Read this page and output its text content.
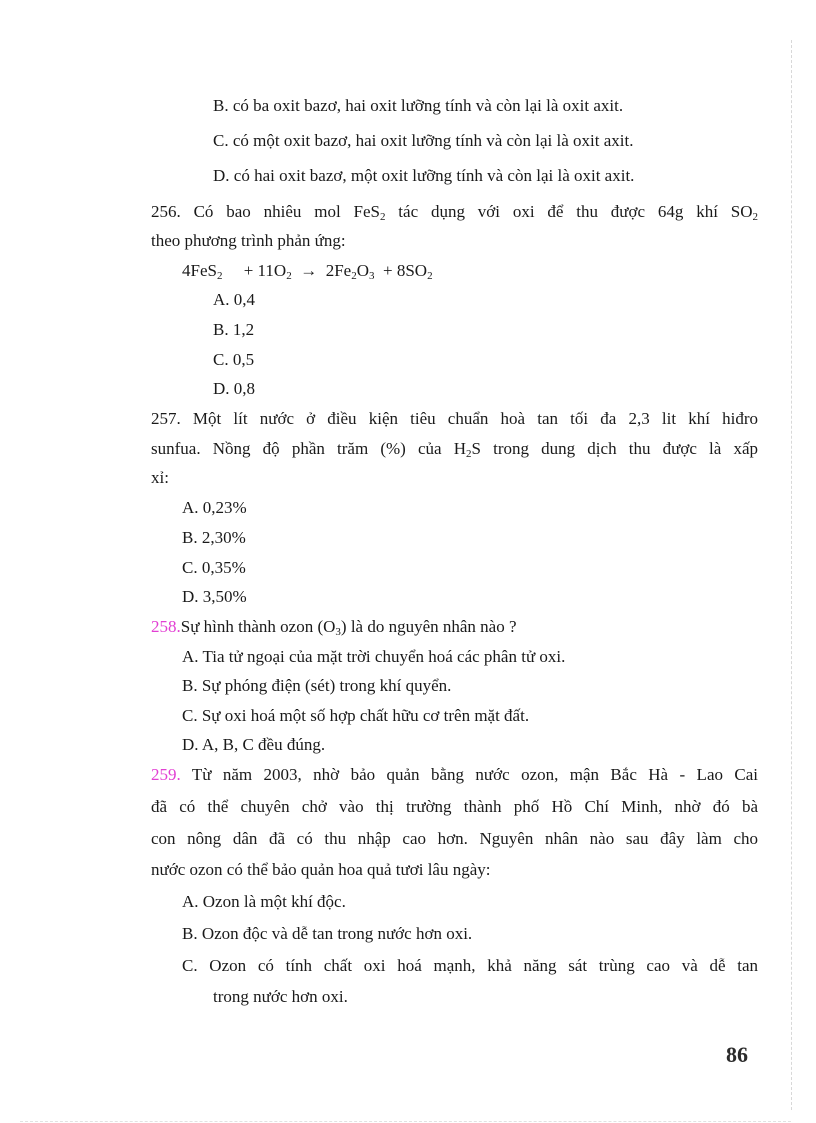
B. có ba oxit bazơ, hai oxit lưỡng tính và còn lại là oxit axit.
C. có một oxit bazơ, hai oxit lưỡng tính và còn lại là oxit axit.
D. có hai oxit bazơ, một oxit lưỡng tính và còn lại là oxit axit.
256. Có bao nhiêu mol FeS$_2$ tác dụng với oxi để thu được 64g khí $SO_2$
theo phương trình phản ứng:
4FeS$_2$     + $11O_2 \to 2Fe_2O_3 + 8SO_2$
A. 0,4
B. 1,2
C. 0,5
D. 0,8
257. Một lít nước ở điều kiện tiêu chuẩn hoà tan tối đa 2,3 lit khí hiđro
sunfua. Nồng độ phần trăm (%) của $H_2S$ trong dung dịch thu được là xấp
xỉ:
A. 0,23%
B. 2,30%
C. 0,35%
D. 3,50%
258.Sự hình thành ozon $(O_3)$ là do nguyên nhân nào ?
A. Tia tử ngoại của mặt trời chuyển hoá các phân tử oxi.
B. Sự phóng điện (sét) trong khí quyển.
C. Sự oxi hoá một số hợp chất hữu cơ trên mặt đất.
D. A, B, C đều đúng.
259. Từ năm 2003, nhờ bảo quản bằng nước ozon, mận Bắc Hà - Lao Cai
đã có thể chuyên chở vào thị trường thành phố Hồ Chí Minh, nhờ đó bà
con nông dân đã có thu nhập cao hơn. Nguyên nhân nào sau đây làm cho
nước ozon có thể bảo quản hoa quả tươi lâu ngày:
A. Ozon là một khí độc.
B. Ozon độc và dễ tan trong nước hơn oxi.
C. Ozon có tính chất oxi hoá mạnh, khả năng sát trùng cao và dễ tan
trong nước hơn oxi.
86
